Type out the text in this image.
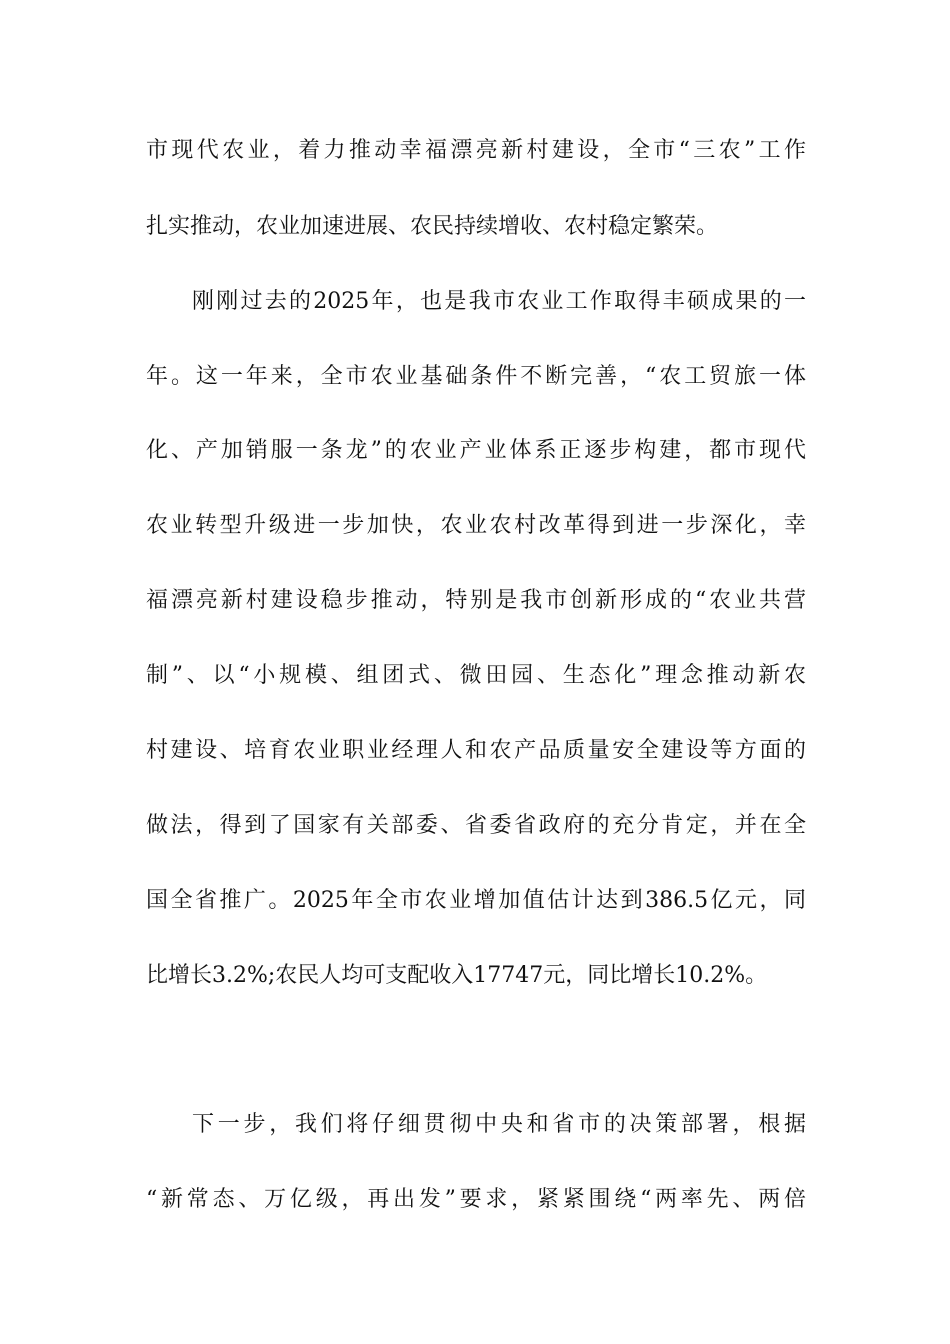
市现代农业，着力推动幸福漂亮新村建设，全市“三农”工作
扎实推动，农业加速进展、农民持续增收、农村稳定繁荣。
刚刚过去的2025年，也是我市农业工作取得丰硕成果的一
年。这一年来，全市农业基础条件不断完善，“农工贸旅一体
化、产加销服一条龙”的农业产业体系正逐步构建，都市现代
农业转型升级进一步加快，农业农村改革得到进一步深化，幸
福漂亮新村建设稳步推动，特别是我市创新形成的“农业共营
制”、以“小规模、组团式、微田园、生态化”理念推动新农
村建设、培育农业职业经理人和农产品质量安全建设等方面的
做法，得到了国家有关部委、省委省政府的充分肯定，并在全
国全省推广。2025年全市农业增加值估计达到386.5亿元，同
比增长3.2%;农民人均可支配收入17747元，同比增长10.2%。
下一步，我们将仔细贯彻中央和省市的决策部署，根据
“新常态、万亿级，再出发”要求，紧紧围绕“两率先、两倍
